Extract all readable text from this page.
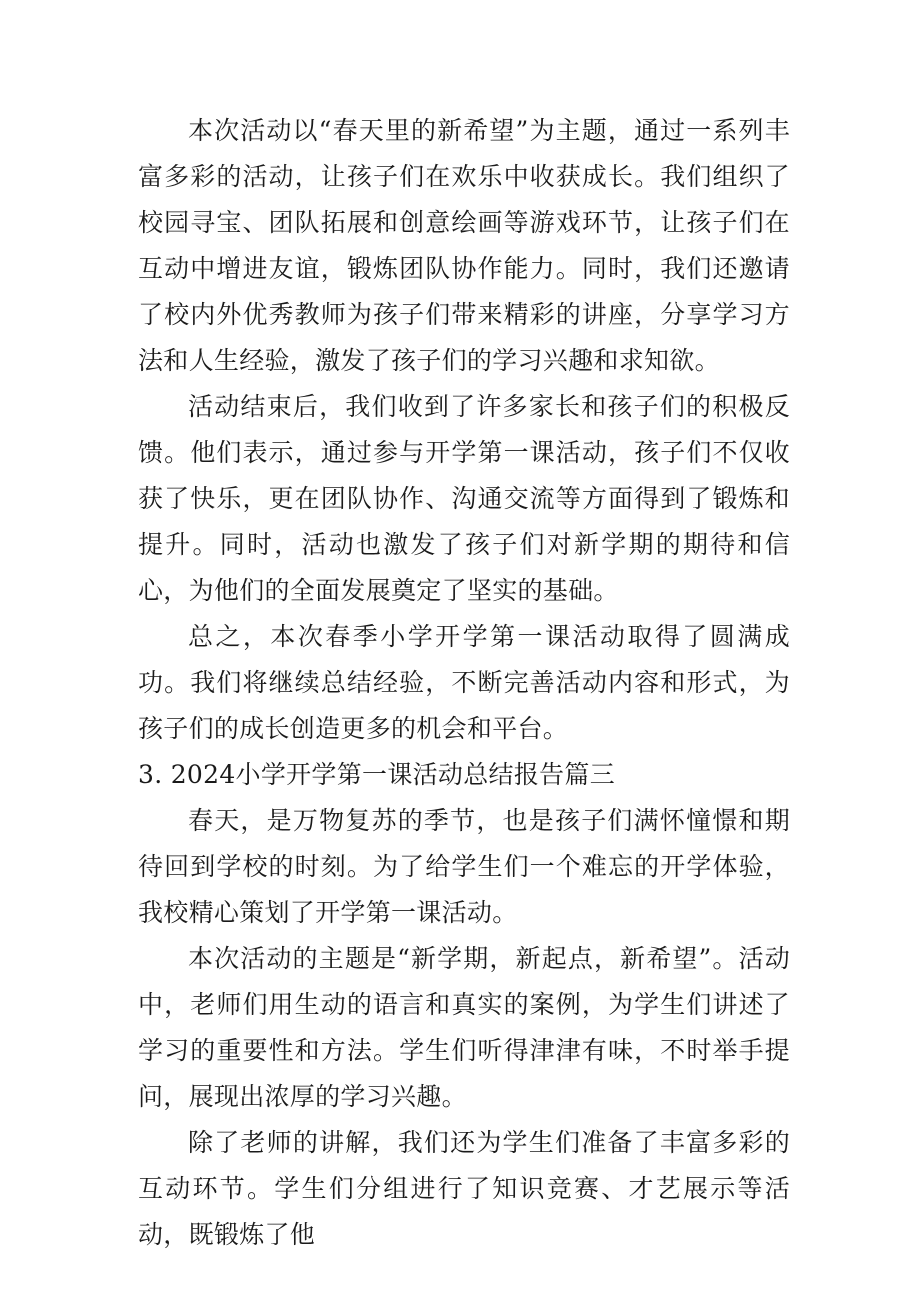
本次活动以“春天里的新希望”为主题，通过一系列丰富多彩的活动，让孩子们在欢乐中收获成长。我们组织了校园寻宝、团队拓展和创意绘画等游戏环节，让孩子们在互动中增进友谊，锻炼团队协作能力。同时，我们还邀请了校内外优秀教师为孩子们带来精彩的讲座，分享学习方法和人生经验，激发了孩子们的学习兴趣和求知欲。

活动结束后，我们收到了许多家长和孩子们的积极反馈。他们表示，通过参与开学第一课活动，孩子们不仅收获了快乐，更在团队协作、沟通交流等方面得到了锻炼和提升。同时，活动也激发了孩子们对新学期的期待和信心，为他们的全面发展奠定了坚实的基础。

总之，本次春季小学开学第一课活动取得了圆满成功。我们将继续总结经验，不断完善活动内容和形式，为孩子们的成长创造更多的机会和平台。

3. 2024小学开学第一课活动总结报告篇三

春天，是万物复苏的季节，也是孩子们满怀憧憬和期待回到学校的时刻。为了给学生们一个难忘的开学体验，我校精心策划了开学第一课活动。

本次活动的主题是“新学期，新起点，新希望”。活动中，老师们用生动的语言和真实的案例，为学生们讲述了学习的重要性和方法。学生们听得津津有味，不时举手提问，展现出浓厚的学习兴趣。

除了老师的讲解，我们还为学生们准备了丰富多彩的互动环节。学生们分组进行了知识竞赛、才艺展示等活动，既锻炼了他
